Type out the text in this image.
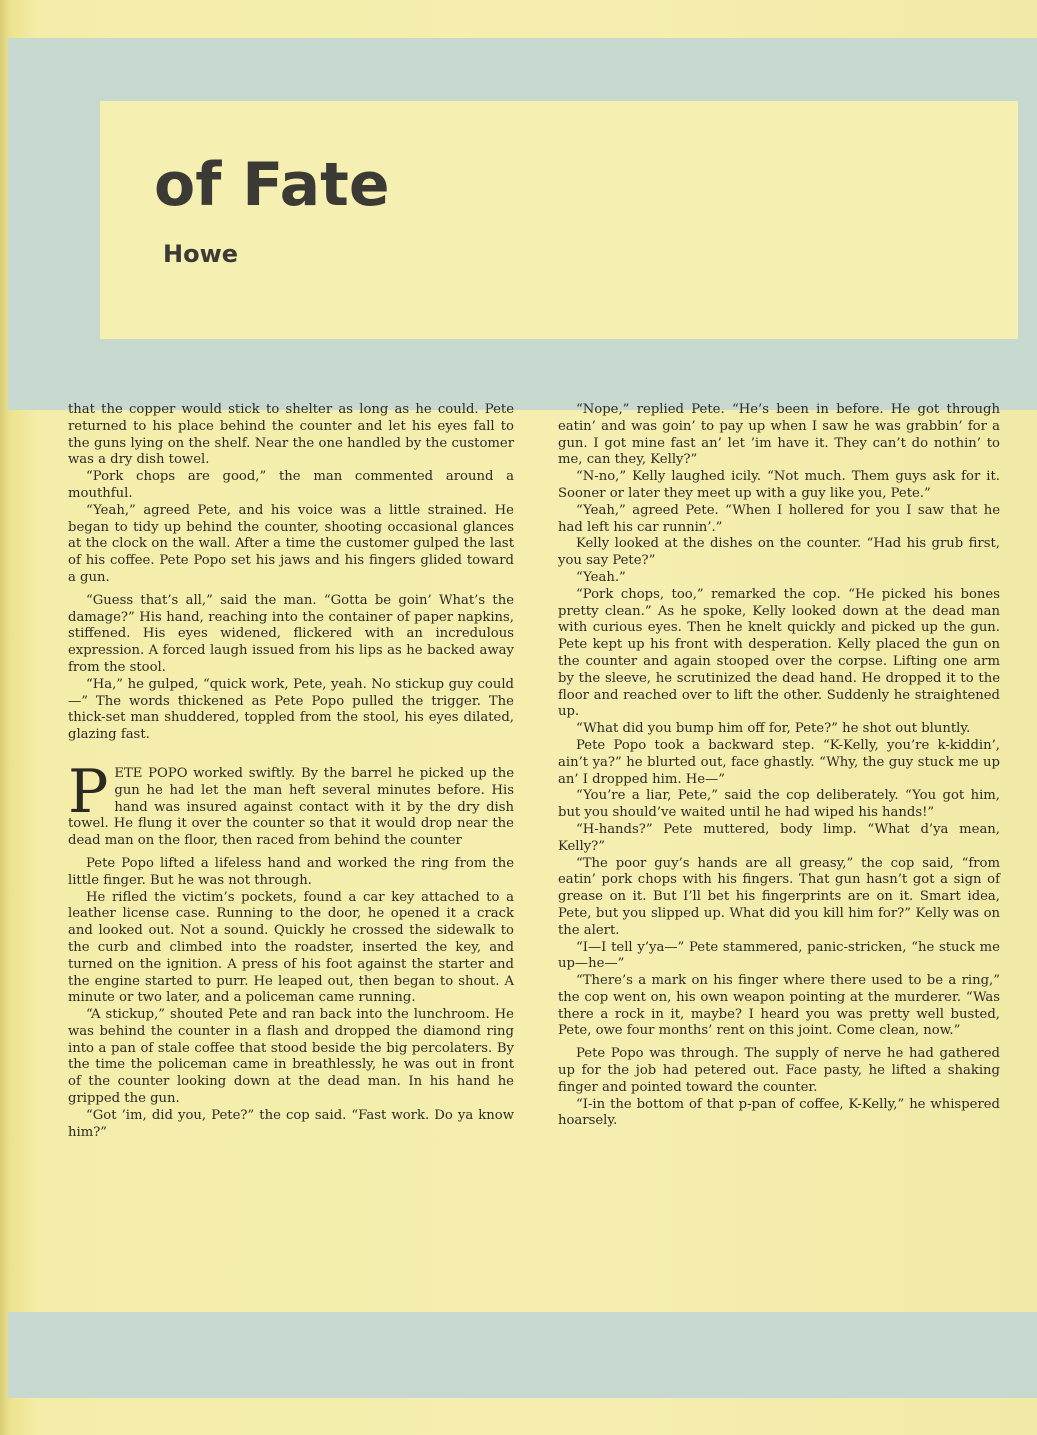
of Fate
Howe

that the copper would stick to shelter as long as he could. Pete returned to his place behind the counter and let his eyes fall to the guns lying on the shelf. Near the one handled by the customer was a dry dish towel.

“Pork chops are good,” the man commented around a mouthful.

“Yeah,” agreed Pete, and his voice was a little strained. He began to tidy up behind the counter, shooting occasional glances at the clock on the wall. After a time the customer gulped the last of his coffee. Pete Popo set his jaws and his fingers glided toward a gun.

“Guess that’s all,” said the man. “Gotta be goin’ What’s the damage?” His hand, reaching into the container of paper napkins, stiffened. His eyes widened, flickered with an incredulous expression. A forced laugh issued from his lips as he backed away from the stool.

“Ha,” he gulped, “quick work, Pete, yeah. No stickup guy could—” The words thickened as Pete Popo pulled the trigger. The thick-set man shuddered, toppled from the stool, his eyes dilated, glazing fast.

PETE POPO worked swiftly. By the barrel he picked up the gun he had let the man heft several minutes before. His hand was insured against contact with it by the dry dish towel. He flung it over the counter so that it would drop near the dead man on the floor, then raced from behind the counter

Pete Popo lifted a lifeless hand and worked the ring from the little finger. But he was not through.

He rifled the victim’s pockets, found a car key attached to a leather license case. Running to the door, he opened it a crack and looked out. Not a sound. Quickly he crossed the sidewalk to the curb and climbed into the roadster, inserted the key, and turned on the ignition. A press of his foot against the starter and the engine started to purr. He leaped out, then began to shout. A minute or two later, and a policeman came running.

“A stickup,” shouted Pete and ran back into the lunchroom. He was behind the counter in a flash and dropped the diamond ring into a pan of stale coffee that stood beside the big percolaters. By the time the policeman came in breathlessly, he was out in front of the counter looking down at the dead man. In his hand he gripped the gun.

“Got ’im, did you, Pete?” the cop said. “Fast work. Do ya know him?”

“Nope,” replied Pete. “He’s been in before. He got through eatin’ and was goin’ to pay up when I saw he was grabbin’ for a gun. I got mine fast an’ let ’im have it. They can’t do nothin’ to me, can they, Kelly?”

“N-no,” Kelly laughed icily. “Not much. Them guys ask for it. Sooner or later they meet up with a guy like you, Pete.”

“Yeah,” agreed Pete. “When I hollered for you I saw that he had left his car runnin’.”

Kelly looked at the dishes on the counter. “Had his grub first, you say Pete?”

“Yeah.”

“Pork chops, too,” remarked the cop. “He picked his bones pretty clean.” As he spoke, Kelly looked down at the dead man with curious eyes. Then he knelt quickly and picked up the gun. Pete kept up his front with desperation. Kelly placed the gun on the counter and again stooped over the corpse. Lifting one arm by the sleeve, he scrutinized the dead hand. He dropped it to the floor and reached over to lift the other. Suddenly he straightened up.

“What did you bump him off for, Pete?” he shot out bluntly.

Pete Popo took a backward step. “K-Kelly, you’re k-kiddin’, ain’t ya?” he blurted out, face ghastly. “Why, the guy stuck me up an’ I dropped him. He—”

“You’re a liar, Pete,” said the cop deliberately. “You got him, but you should’ve waited until he had wiped his hands!”

“H-hands?” Pete muttered, body limp. “What d’ya mean, Kelly?”

“The poor guy’s hands are all greasy,” the cop said, “from eatin’ pork chops with his fingers. That gun hasn’t got a sign of grease on it. But I’ll bet his fingerprints are on it. Smart idea, Pete, but you slipped up. What did you kill him for?” Kelly was on the alert.

“I—I tell y’ya—” Pete stammered, panic-stricken, “he stuck me up—he—”

“There’s a mark on his finger where there used to be a ring,” the cop went on, his own weapon pointing at the murderer. “Was there a rock in it, maybe? I heard you was pretty well busted, Pete, owe four months’ rent on this joint. Come clean, now.”

Pete Popo was through. The supply of nerve he had gathered up for the job had petered out. Face pasty, he lifted a shaking finger and pointed toward the counter.

“I-in the bottom of that p-pan of coffee, K-Kelly,” he whispered hoarsely.
